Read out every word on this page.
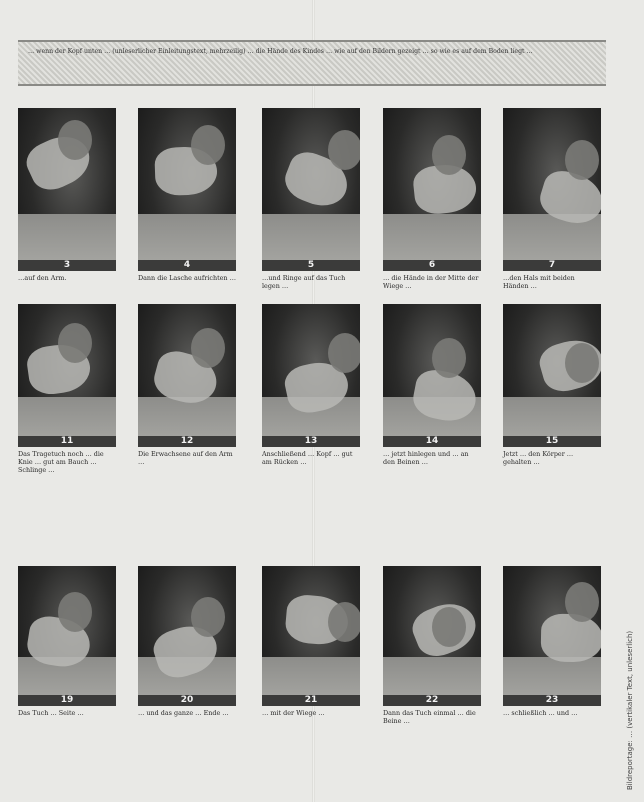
… wenn der Kopf unten … (unleserlicher Einleitungstext, mehrzeilig) … die Hände des Kindes … wie auf den Bildern gezeigt … so wie es auf dem Boden liegt …

3
…auf den Arm.
4
Dann die Lasche aufrichten …
5
…und Ringe auf das Tuch legen …
6
… die Hände in der Mitte der Wiege …
7
…den Hals mit beiden Händen …
11
Das Tragetuch noch … die Knie … gut am Bauch … Schlinge …
12
Die Erwachsene auf den Arm …
13
Anschließend … Kopf … gut am Rücken …
14
… jetzt hinlegen und … an den Beinen …
15
Jetzt … den Körper … gehalten …
19
Das Tuch … Seite …
20
… und das ganze … Ende …
21
… mit der Wiege …
22
Dann das Tuch einmal … die Beine …
23
… schließlich … und …	Bildreportage: … (vertikaler Text, unleserlich)
